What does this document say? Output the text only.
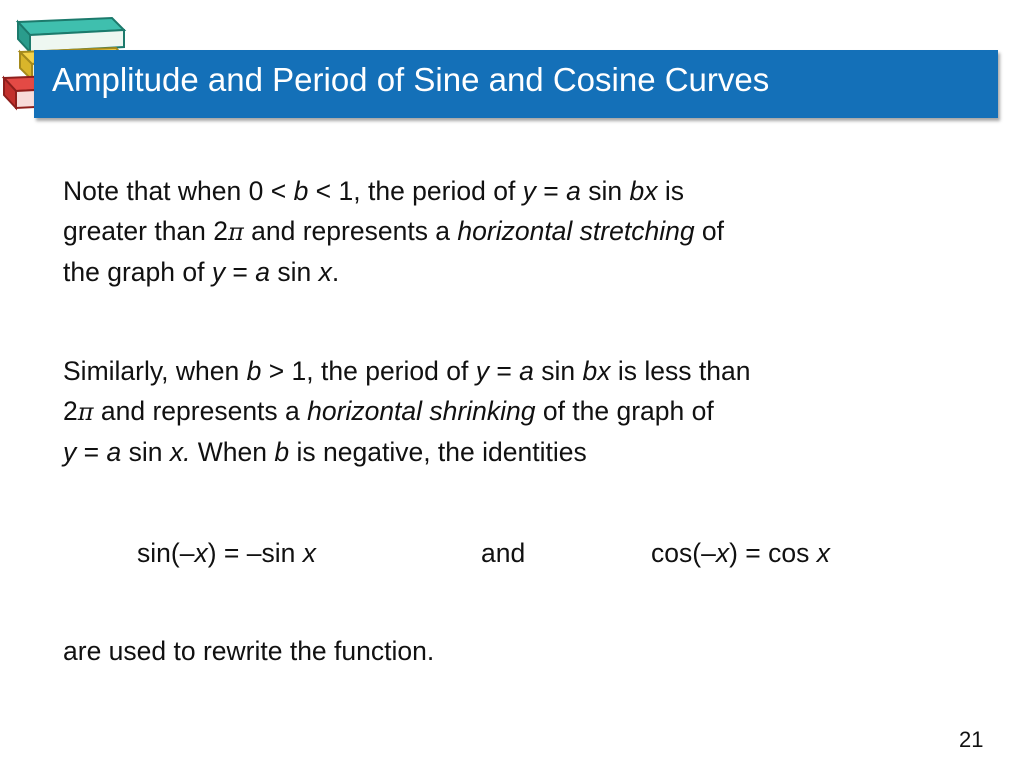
Amplitude and Period of Sine and Cosine Curves
Note that when 0 < b < 1, the period of y = a sin bx is
greater than 2π and represents a horizontal stretching of
the graph of y = a sin x.
Similarly, when b > 1, the period of y = a sin bx is less than
2π and represents a horizontal shrinking of the graph of
y = a sin x. When b is negative, the identities
sin(–x) = –sin x	and	cos(–x) = cos x
are used to rewrite the function.
21
